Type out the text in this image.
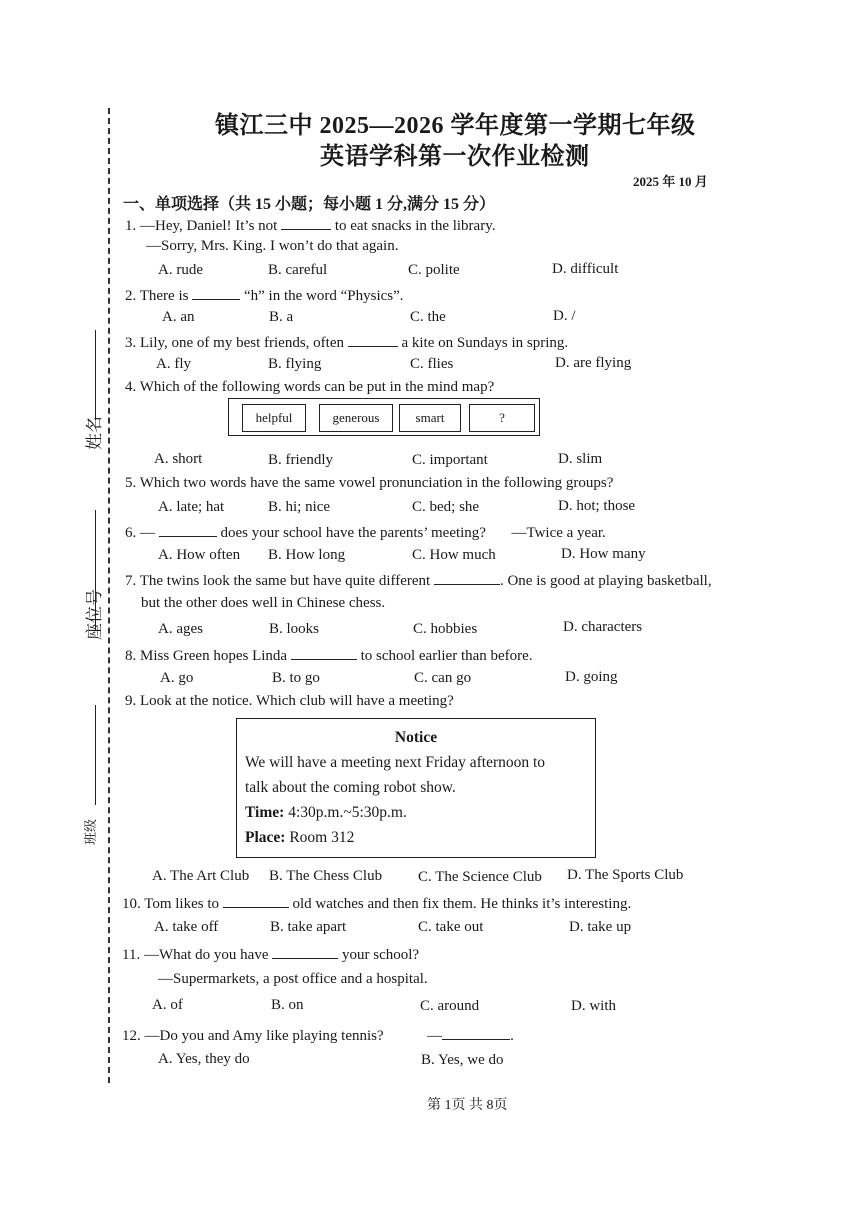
姓名
座位号
班级
镇江三中 2025—2026 学年度第一学期七年级
英语学科第一次作业检测
2025 年 10 月
一、单项选择（共 15 小题；每小题 1 分,满分 15 分）
1. —Hey, Daniel! It’s not	to eat snacks in the library.
—Sorry, Mrs. King. I won’t do that again.
A. rude	B. careful	C. polite	D. difficult
2. There is	“h” in the word “Physics”.
A. an	B. a	C. the	D. /
3. Lily, one of my best friends, often	a kite on Sundays in spring.
A. fly	B. flying	C. flies	D. are flying
4. Which of the following words can be put in the mind map?
helpful	generous	smart	?
A. short	B. friendly	C. important	D. slim
5. Which two words have the same vowel pronunciation in the following groups?
A. late; hat	B. hi; nice	C. bed; she	D. hot; those
6. —	does your school have the parents’ meeting? —Twice a year.
A. How often B. How long	C. How much	D. How many
7. The twins look the same but have quite different	. One is good at playing basketball,
but the other does well in Chinese chess.
A. ages	B. looks	C. hobbies	D. characters
8. Miss Green hopes Linda	to school earlier than before.
A. go	B. to go	C. can go	D. going
9. Look at the notice. Which club will have a meeting?
Notice
We will have a meeting next Friday afternoon to
talk about the coming robot show.
Time: 4:30p.m.~5:30p.m.
Place: Room 312
A. The Art Club B. The Chess Club C. The Science Club D. The Sports Club
10. Tom likes to	old watches and then fix them. He thinks it’s interesting.
A. take off	B. take apart	C. take out	D. take up
11. —What do you have	your school?
—Supermarkets, a post office and a hospital.
A. of	B. on	C. around	D. with
12. —Do you and Amy like playing tennis?	—	.
A. Yes, they do	B. Yes, we do
第 1页 共 8页
